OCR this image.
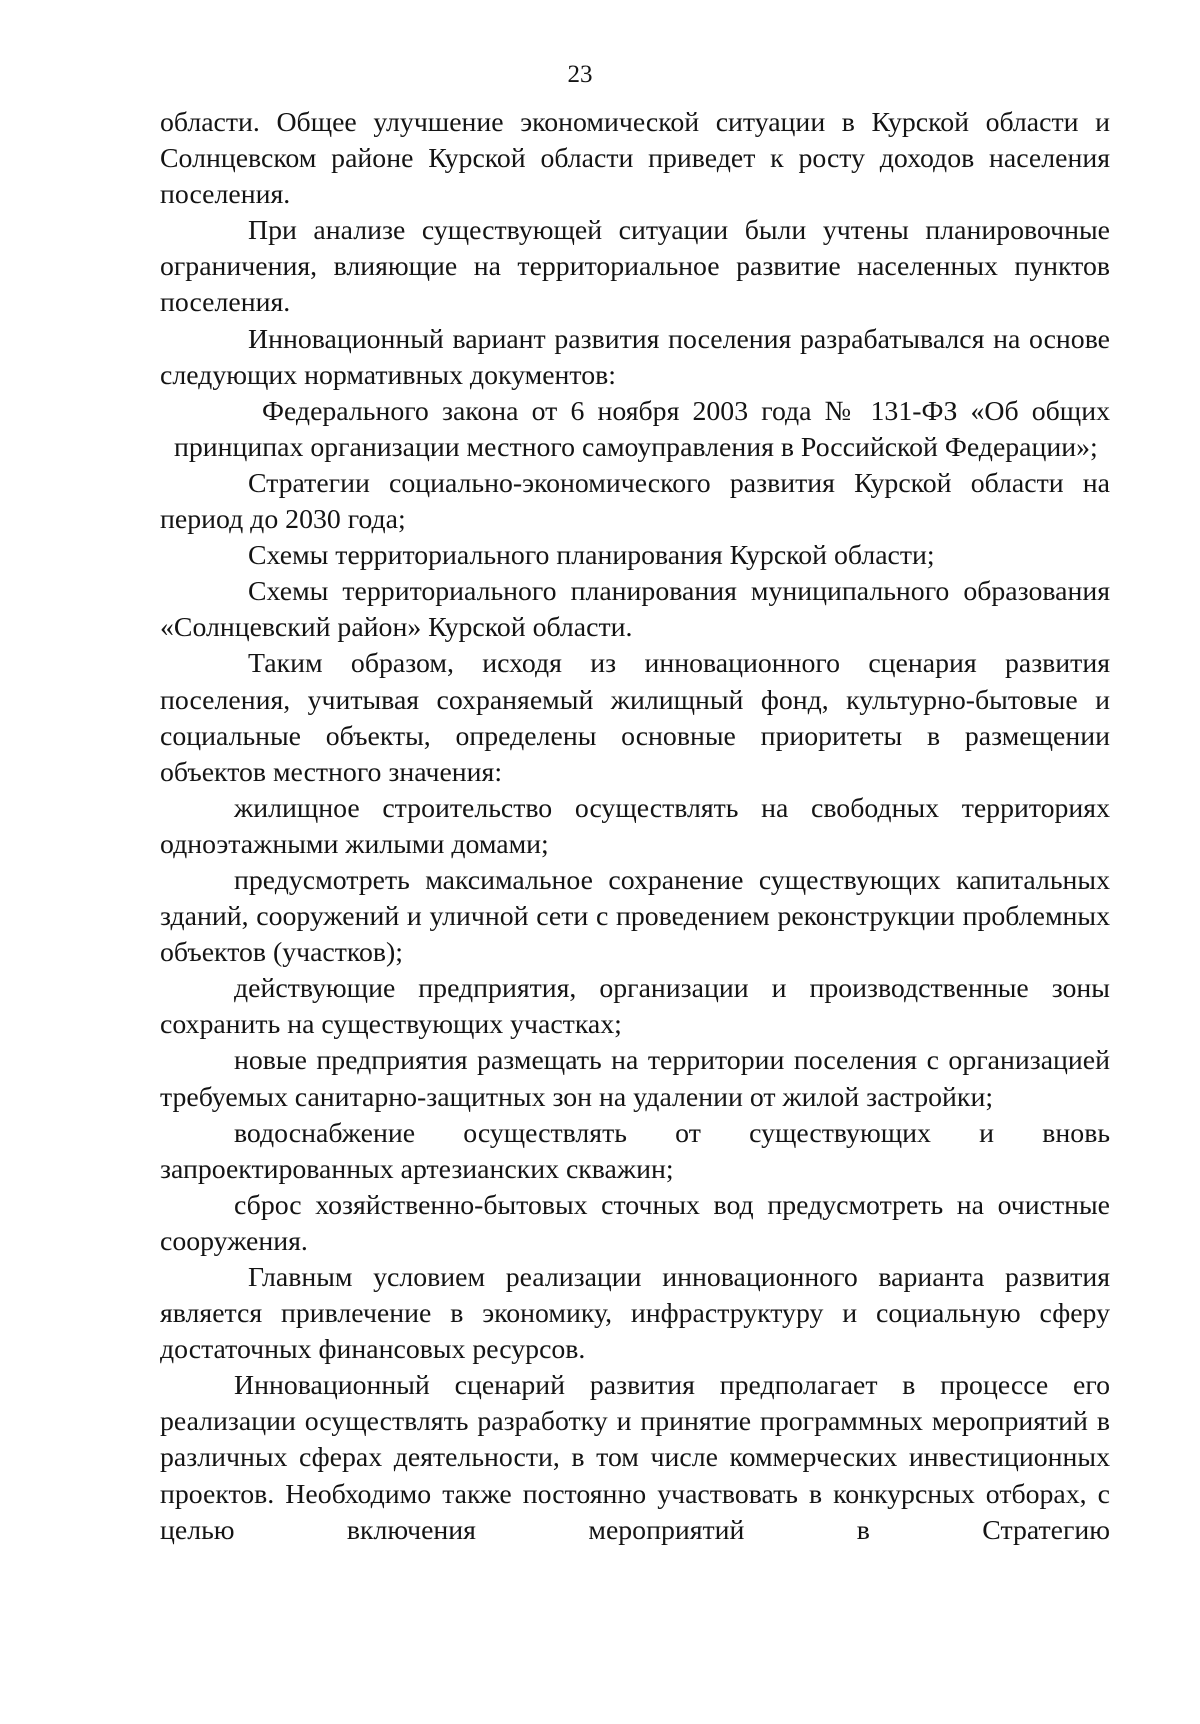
23

области. Общее улучшение экономической ситуации в Курской области и Солнцевском районе Курской области приведет к росту доходов населения поселения.

При анализе существующей ситуации были учтены планировочные ограничения, влияющие на территориальное развитие населенных пунктов поселения.

Инновационный вариант развития поселения разрабатывался на основе следующих нормативных документов:

Федерального закона от 6 ноября 2003 года № 131-ФЗ «Об общих принципах организации местного самоуправления в Российской Федерации»;

Стратегии социально-экономического развития Курской области на период до 2030 года;

Схемы территориального планирования Курской области;

Схемы территориального планирования муниципального образования «Солнцевский район» Курской области.

Таким образом, исходя из инновационного сценария развития поселения, учитывая сохраняемый жилищный фонд, культурно-бытовые и социальные объекты, определены основные приоритеты в размещении объектов местного значения:

жилищное строительство осуществлять на свободных территориях одноэтажными жилыми домами;

предусмотреть максимальное сохранение существующих капитальных зданий, сооружений и уличной сети с проведением реконструкции проблемных объектов (участков);

действующие предприятия, организации и производственные зоны сохранить на существующих участках;

новые предприятия размещать на территории поселения с организацией требуемых санитарно-защитных зон на удалении от жилой застройки;

водоснабжение осуществлять от существующих и вновь запроектированных артезианских скважин;

сброс хозяйственно-бытовых сточных вод предусмотреть на очистные сооружения.

Главным условием реализации инновационного варианта развития является привлечение в экономику, инфраструктуру и социальную сферу достаточных финансовых ресурсов.

Инновационный сценарий развития предполагает в процессе его реализации осуществлять разработку и принятие программных мероприятий в различных сферах деятельности, в том числе коммерческих инвестиционных проектов. Необходимо также постоянно участвовать в конкурсных отборах, с целью включения мероприятий в Стратегию
